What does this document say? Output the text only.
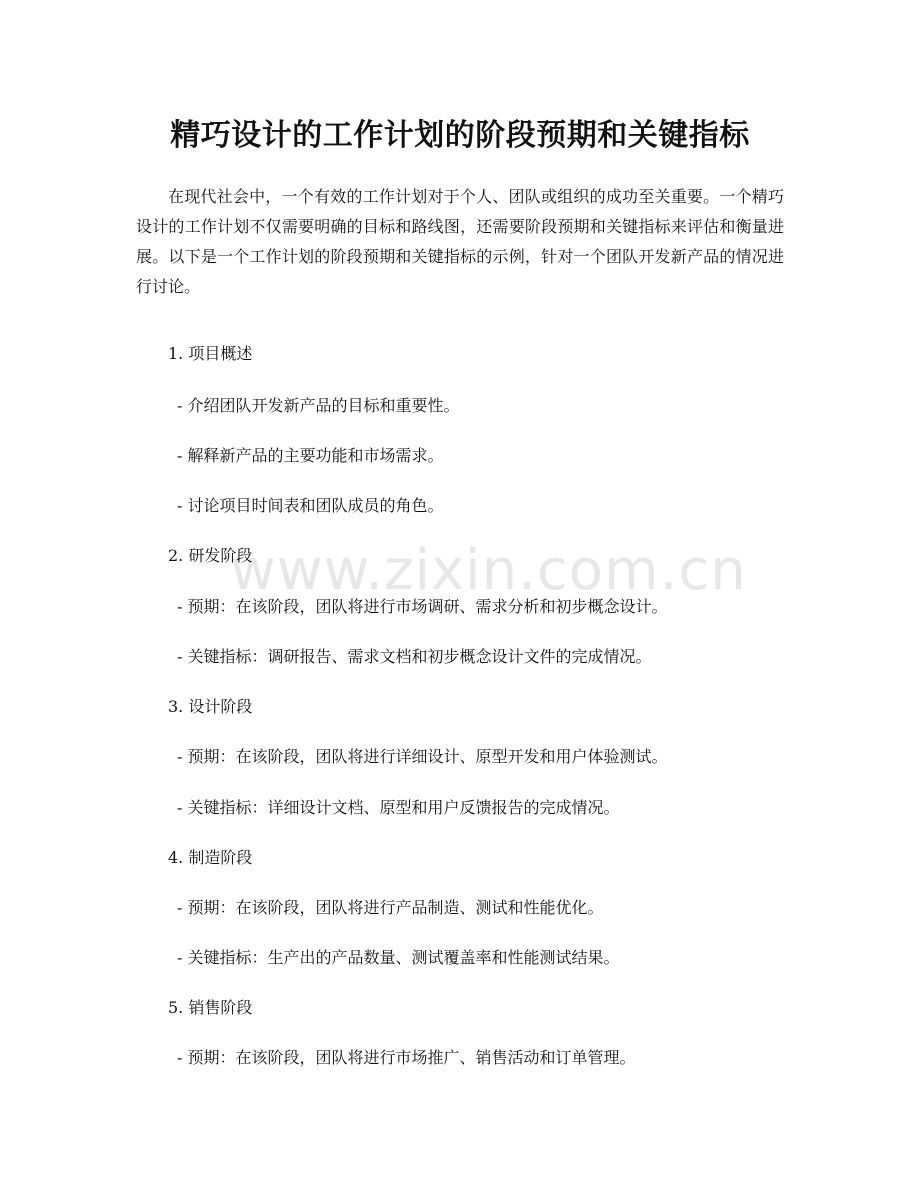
精巧设计的工作计划的阶段预期和关键指标

在现代社会中，一个有效的工作计划对于个人、团队或组织的成功至关重要。一个精巧设计的工作计划不仅需要明确的目标和路线图，还需要阶段预期和关键指标来评估和衡量进展。以下是一个工作计划的阶段预期和关键指标的示例，针对一个团队开发新产品的情况进行讨论。

www.zixin.com.cn

1. 项目概述

- 介绍团队开发新产品的目标和重要性。

- 解释新产品的主要功能和市场需求。

- 讨论项目时间表和团队成员的角色。

2. 研发阶段

- 预期：在该阶段，团队将进行市场调研、需求分析和初步概念设计。

- 关键指标：调研报告、需求文档和初步概念设计文件的完成情况。

3. 设计阶段

- 预期：在该阶段，团队将进行详细设计、原型开发和用户体验测试。

- 关键指标：详细设计文档、原型和用户反馈报告的完成情况。

4. 制造阶段

- 预期：在该阶段，团队将进行产品制造、测试和性能优化。

- 关键指标：生产出的产品数量、测试覆盖率和性能测试结果。

5. 销售阶段

- 预期：在该阶段，团队将进行市场推广、销售活动和订单管理。
